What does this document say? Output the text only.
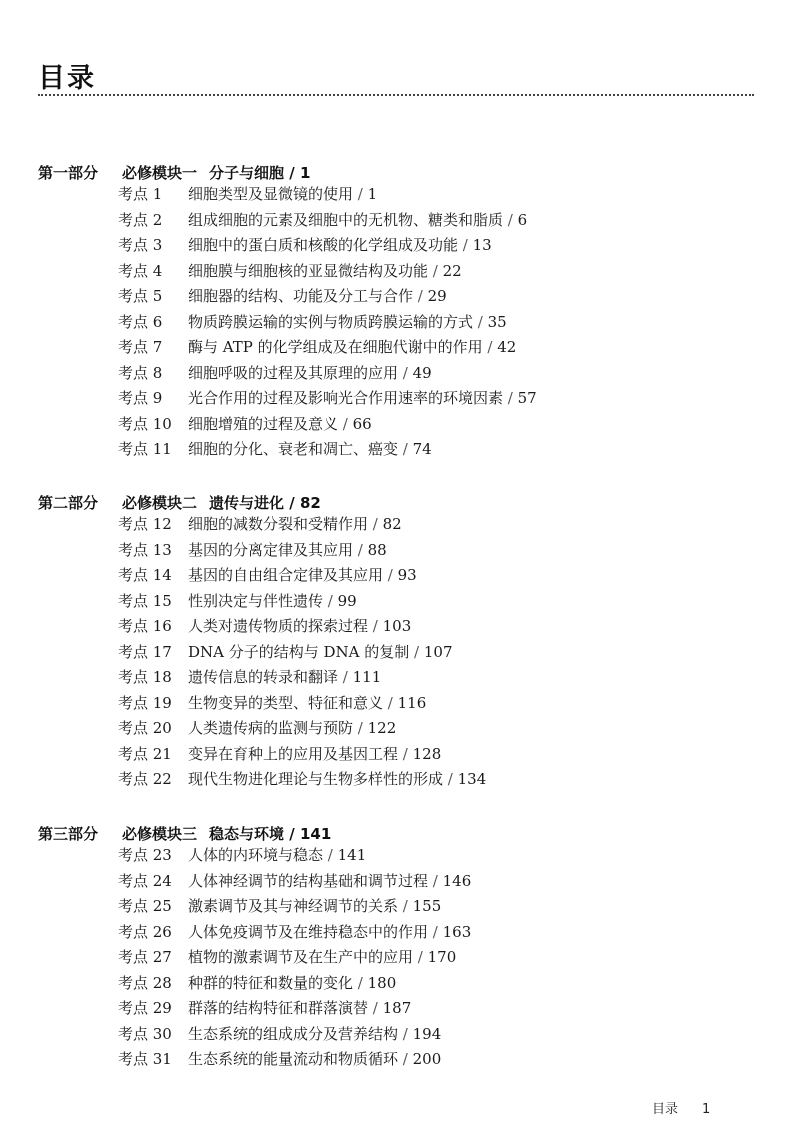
目录
第一部分 必修模块一 分子与细胞 / 1
考点 1 细胞类型及显微镜的使用 / 1
考点 2 组成细胞的元素及细胞中的无机物、糖类和脂质 / 6
考点 3 细胞中的蛋白质和核酸的化学组成及功能 / 13
考点 4 细胞膜与细胞核的亚显微结构及功能 / 22
考点 5 细胞器的结构、功能及分工与合作 / 29
考点 6 物质跨膜运输的实例与物质跨膜运输的方式 / 35
考点 7 酶与 ATP 的化学组成及在细胞代谢中的作用 / 42
考点 8 细胞呼吸的过程及其原理的应用 / 49
考点 9 光合作用的过程及影响光合作用速率的环境因素 / 57
考点 10 细胞增殖的过程及意义 / 66
考点 11 细胞的分化、衰老和凋亡、癌变 / 74
第二部分 必修模块二 遗传与进化 / 82
考点 12 细胞的减数分裂和受精作用 / 82
考点 13 基因的分离定律及其应用 / 88
考点 14 基因的自由组合定律及其应用 / 93
考点 15 性别决定与伴性遗传 / 99
考点 16 人类对遗传物质的探索过程 / 103
考点 17 DNA 分子的结构与 DNA 的复制 / 107
考点 18 遗传信息的转录和翻译 / 111
考点 19 生物变异的类型、特征和意义 / 116
考点 20 人类遗传病的监测与预防 / 122
考点 21 变异在育种上的应用及基因工程 / 128
考点 22 现代生物进化理论与生物多样性的形成 / 134
第三部分 必修模块三 稳态与环境 / 141
考点 23 人体的内环境与稳态 / 141
考点 24 人体神经调节的结构基础和调节过程 / 146
考点 25 激素调节及其与神经调节的关系 / 155
考点 26 人体免疫调节及在维持稳态中的作用 / 163
考点 27 植物的激素调节及在生产中的应用 / 170
考点 28 种群的特征和数量的变化 / 180
考点 29 群落的结构特征和群落演替 / 187
考点 30 生态系统的组成成分及营养结构 / 194
考点 31 生态系统的能量流动和物质循环 / 200
目录 1
